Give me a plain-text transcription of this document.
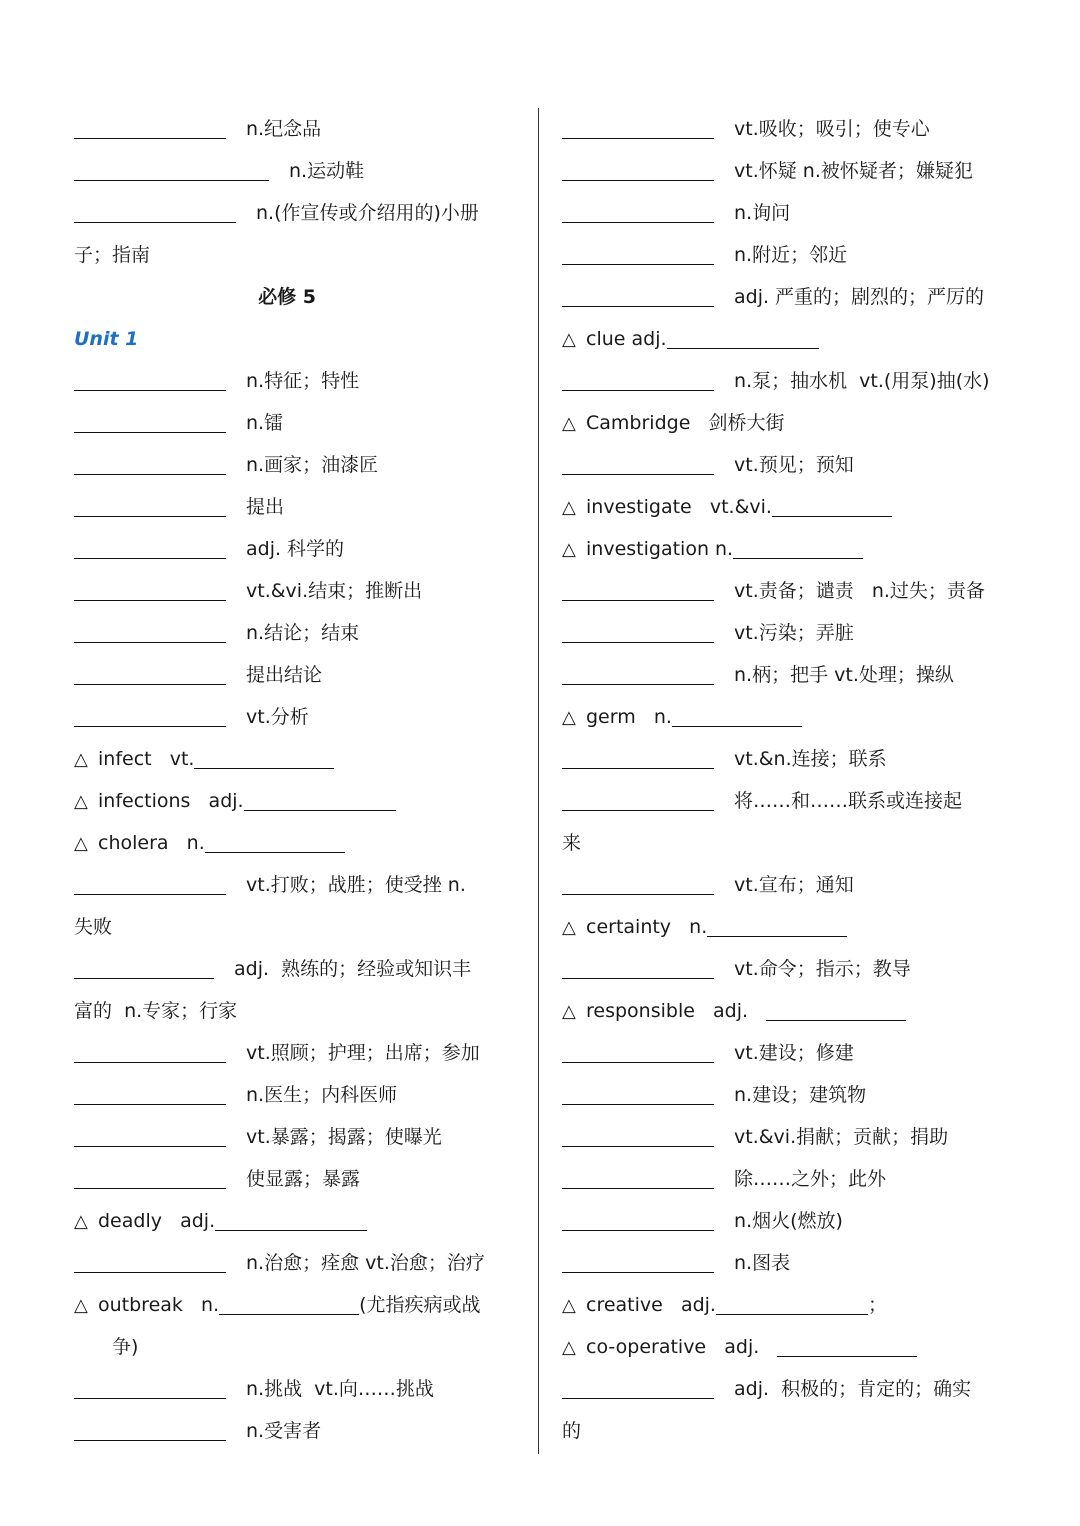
n.纪念品
n.运动鞋
n.(作宣传或介绍用的)小册
子；指南
必修 5
Unit 1
n.特征；特性
n.镭
n.画家；油漆匠
提出
adj. 科学的
vt.&vi.结束；推断出
n.结论；结束
提出结论
vt.分析
△ infect   vt.
△ infections   adj.
△ cholera   n.
vt.打败；战胜；使受挫 n.
失败
adj.  熟练的；经验或知识丰
富的  n.专家；行家
vt.照顾；护理；出席；参加
n.医生；内科医师
vt.暴露；揭露；使曝光
使显露；暴露
△ deadly   adj.
n.治愈；痊愈 vt.治愈；治疗
△ outbreak   n.	(尤指疾病或战
争)
n.挑战  vt.向……挑战
n.受害者
vt.吸收；吸引；使专心
vt.怀疑 n.被怀疑者；嫌疑犯
n.询问
n.附近；邻近
adj. 严重的；剧烈的；严厉的
△ clue adj.
n.泵；抽水机  vt.(用泵)抽(水)
△ Cambridge   剑桥大街
vt.预见；预知
△ investigate   vt.&vi.
△ investigation n.
vt.责备；谴责   n.过失；责备
vt.污染；弄脏
n.柄；把手 vt.处理；操纵
△ germ   n.
vt.&n.连接；联系
将……和……联系或连接起
来
vt.宣布；通知
△ certainty   n.
vt.命令；指示；教导
△ responsible   adj.
vt.建设；修建
n.建设；建筑物
vt.&vi.捐献；贡献；捐助
除……之外；此外
n.烟火(燃放)
n.图表
△ creative   adj.	；
△ co-operative   adj.
adj.  积极的；肯定的；确实
的
